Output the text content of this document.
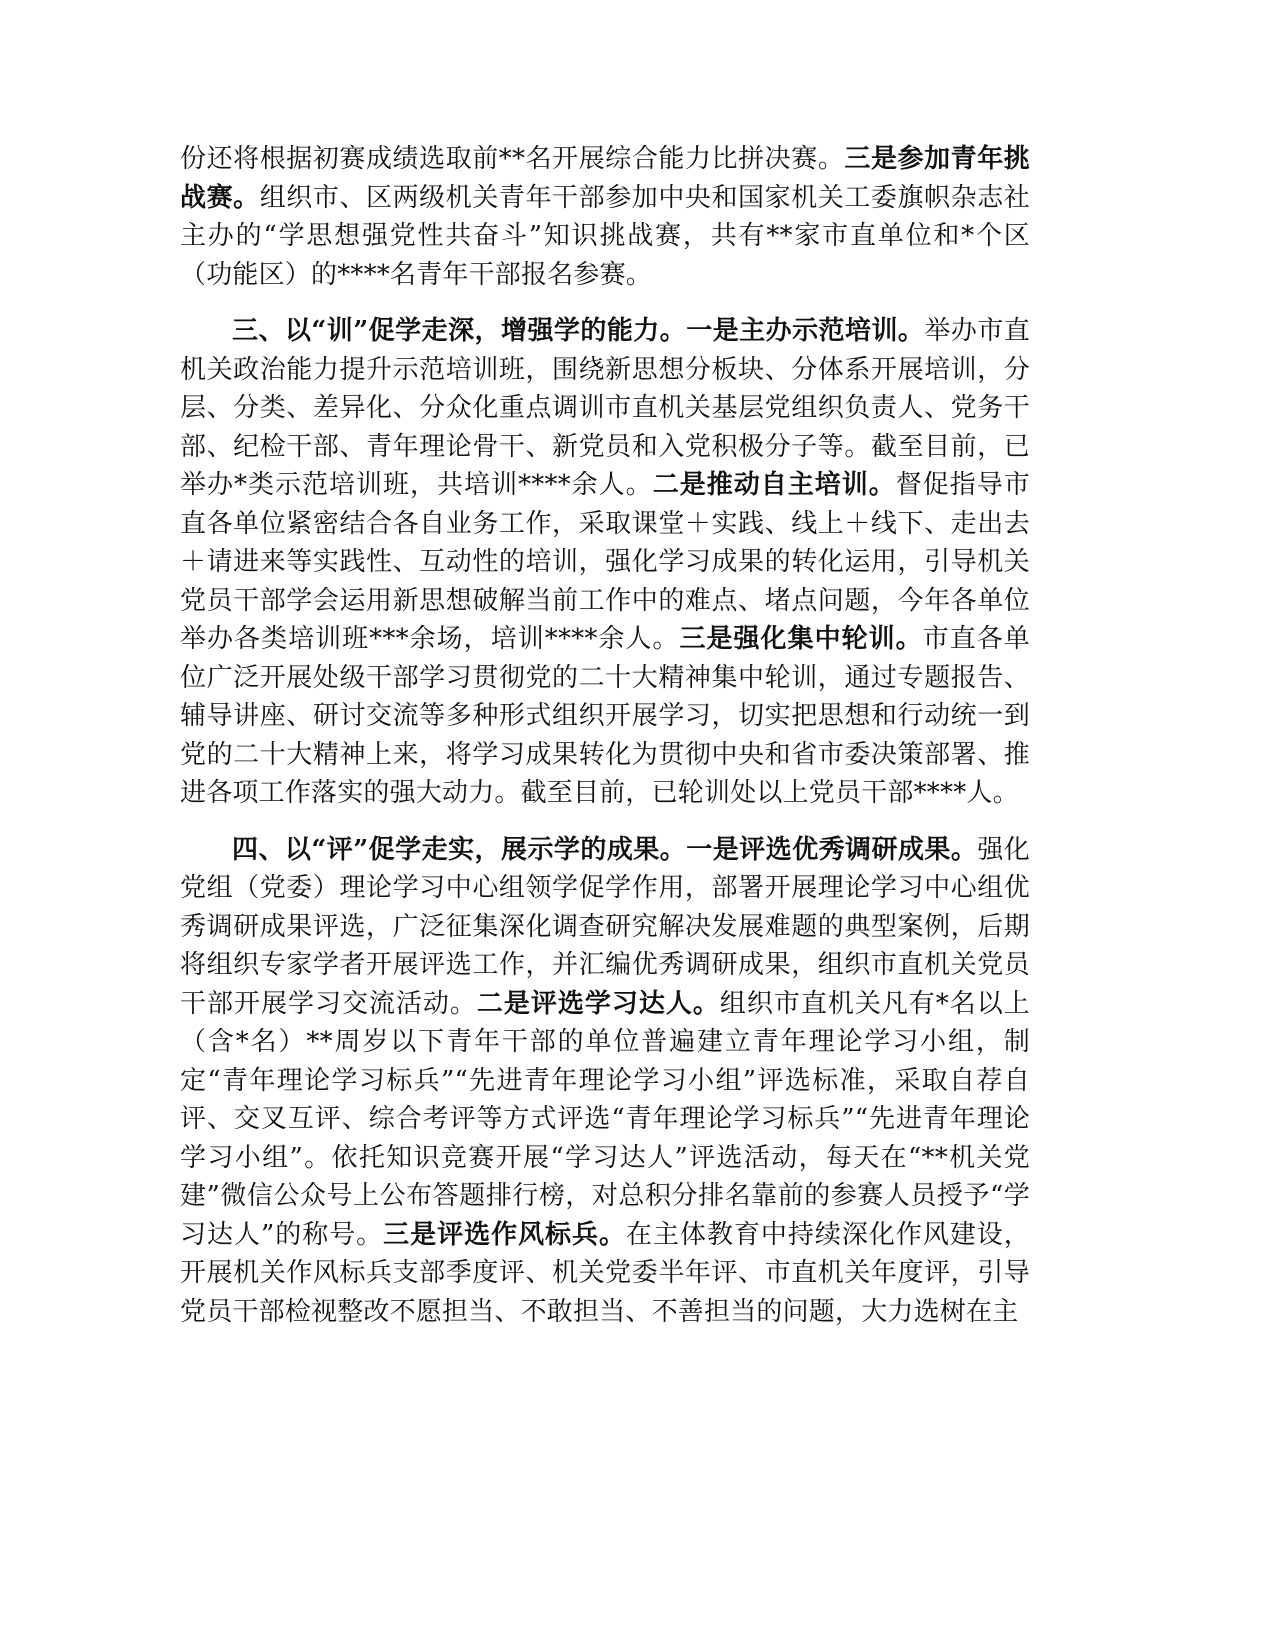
份还将根据初赛成绩选取前**名开展综合能力比拼决赛。三是参加青年挑战赛。组织市、区两级机关青年干部参加中央和国家机关工委旗帜杂志社主办的“学思想强党性共奋斗”知识挑战赛，共有**家市直单位和*个区（功能区）的****名青年干部报名参赛。

三、以“训”促学走深，增强学的能力。一是主办示范培训。举办市直机关政治能力提升示范培训班，围绕新思想分板块、分体系开展培训，分层、分类、差异化、分众化重点调训市直机关基层党组织负责人、党务干部、纪检干部、青年理论骨干、新党员和入党积极分子等。截至目前，已举办*类示范培训班，共培训****余人。二是推动自主培训。督促指导市直各单位紧密结合各自业务工作，采取课堂＋实践、线上＋线下、走出去＋请进来等实践性、互动性的培训，强化学习成果的转化运用，引导机关党员干部学会运用新思想破解当前工作中的难点、堵点问题，今年各单位举办各类培训班***余场，培训****余人。三是强化集中轮训。市直各单位广泛开展处级干部学习贯彻党的二十大精神集中轮训，通过专题报告、辅导讲座、研讨交流等多种形式组织开展学习，切实把思想和行动统一到党的二十大精神上来，将学习成果转化为贯彻中央和省市委决策部署、推进各项工作落实的强大动力。截至目前，已轮训处以上党员干部****人。

四、以“评”促学走实，展示学的成果。一是评选优秀调研成果。强化党组（党委）理论学习中心组领学促学作用，部署开展理论学习中心组优秀调研成果评选，广泛征集深化调查研究解决发展难题的典型案例，后期将组织专家学者开展评选工作，并汇编优秀调研成果，组织市直机关党员干部开展学习交流活动。二是评选学习达人。组织市直机关凡有*名以上（含*名）**周岁以下青年干部的单位普遍建立青年理论学习小组，制定“青年理论学习标兵”“先进青年理论学习小组”评选标准，采取自荐自评、交叉互评、综合考评等方式评选“青年理论学习标兵”“先进青年理论学习小组”。依托知识竞赛开展“学习达人”评选活动，每天在“**机关党建”微信公众号上公布答题排行榜，对总积分排名靠前的参赛人员授予“学习达人”的称号。三是评选作风标兵。在主体教育中持续深化作风建设，开展机关作风标兵支部季度评、机关党委半年评、市直机关年度评，引导党员干部检视整改不愿担当、不敢担当、不善担当的问题，大力选树在主
